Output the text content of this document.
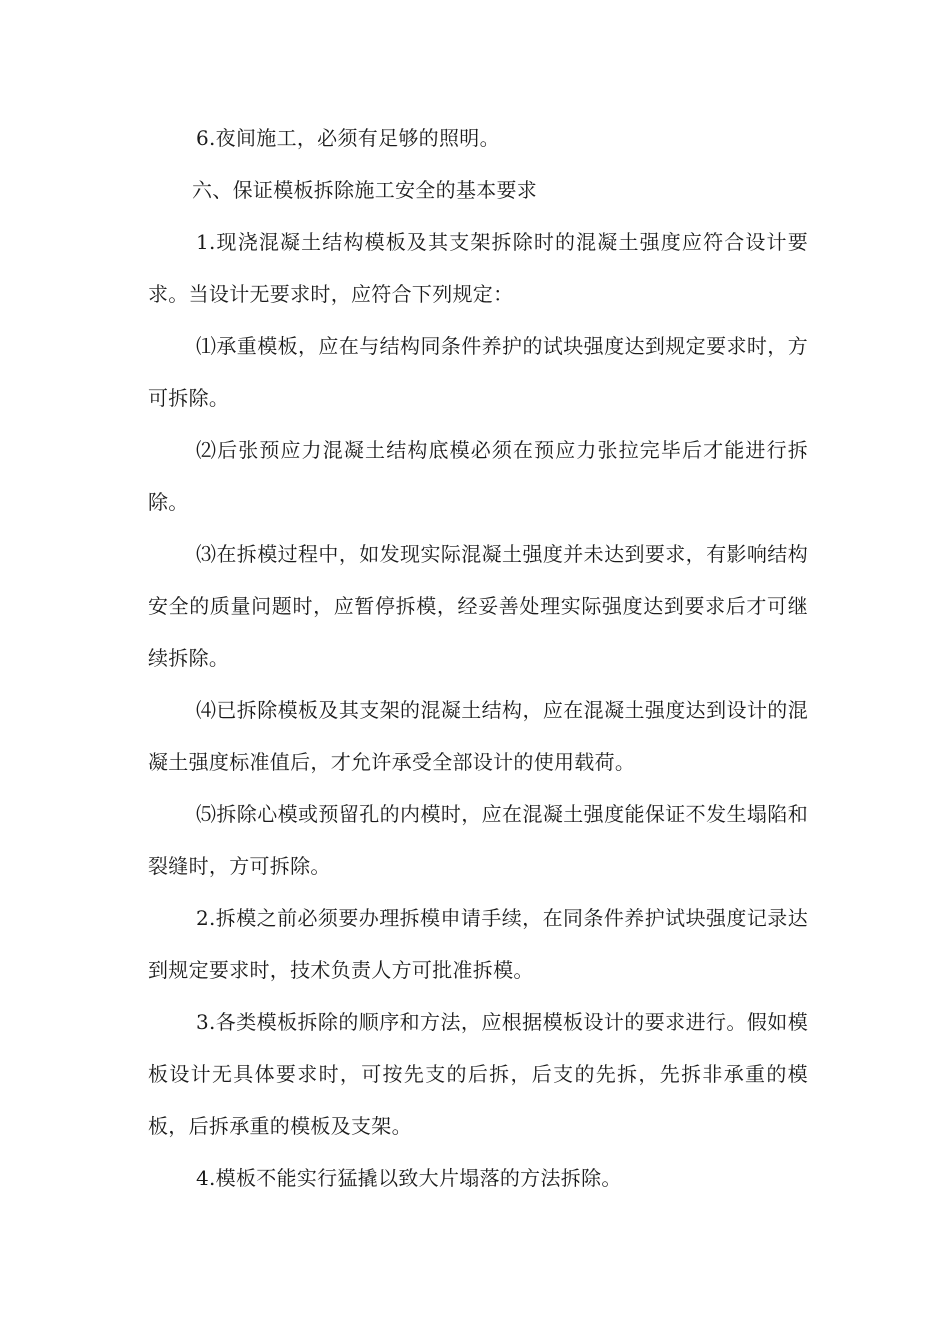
6.夜间施工，必须有足够的照明。

六、保证模板拆除施工安全的基本要求

1.现浇混凝土结构模板及其支架拆除时的混凝土强度应符合设计要求。当设计无要求时，应符合下列规定：

⑴承重模板，应在与结构同条件养护的试块强度达到规定要求时，方可拆除。

⑵后张预应力混凝土结构底模必须在预应力张拉完毕后才能进行拆除。

⑶在拆模过程中，如发现实际混凝土强度并未达到要求，有影响结构安全的质量问题时，应暂停拆模，经妥善处理实际强度达到要求后才可继续拆除。

⑷已拆除模板及其支架的混凝土结构，应在混凝土强度达到设计的混凝土强度标准值后，才允许承受全部设计的使用载荷。

⑸拆除心模或预留孔的内模时，应在混凝土强度能保证不发生塌陷和裂缝时，方可拆除。

2.拆模之前必须要办理拆模申请手续，在同条件养护试块强度记录达到规定要求时，技术负责人方可批准拆模。

3.各类模板拆除的顺序和方法，应根据模板设计的要求进行。假如模板设计无具体要求时，可按先支的后拆，后支的先拆，先拆非承重的模板，后拆承重的模板及支架。

4.模板不能实行猛撬以致大片塌落的方法拆除。
